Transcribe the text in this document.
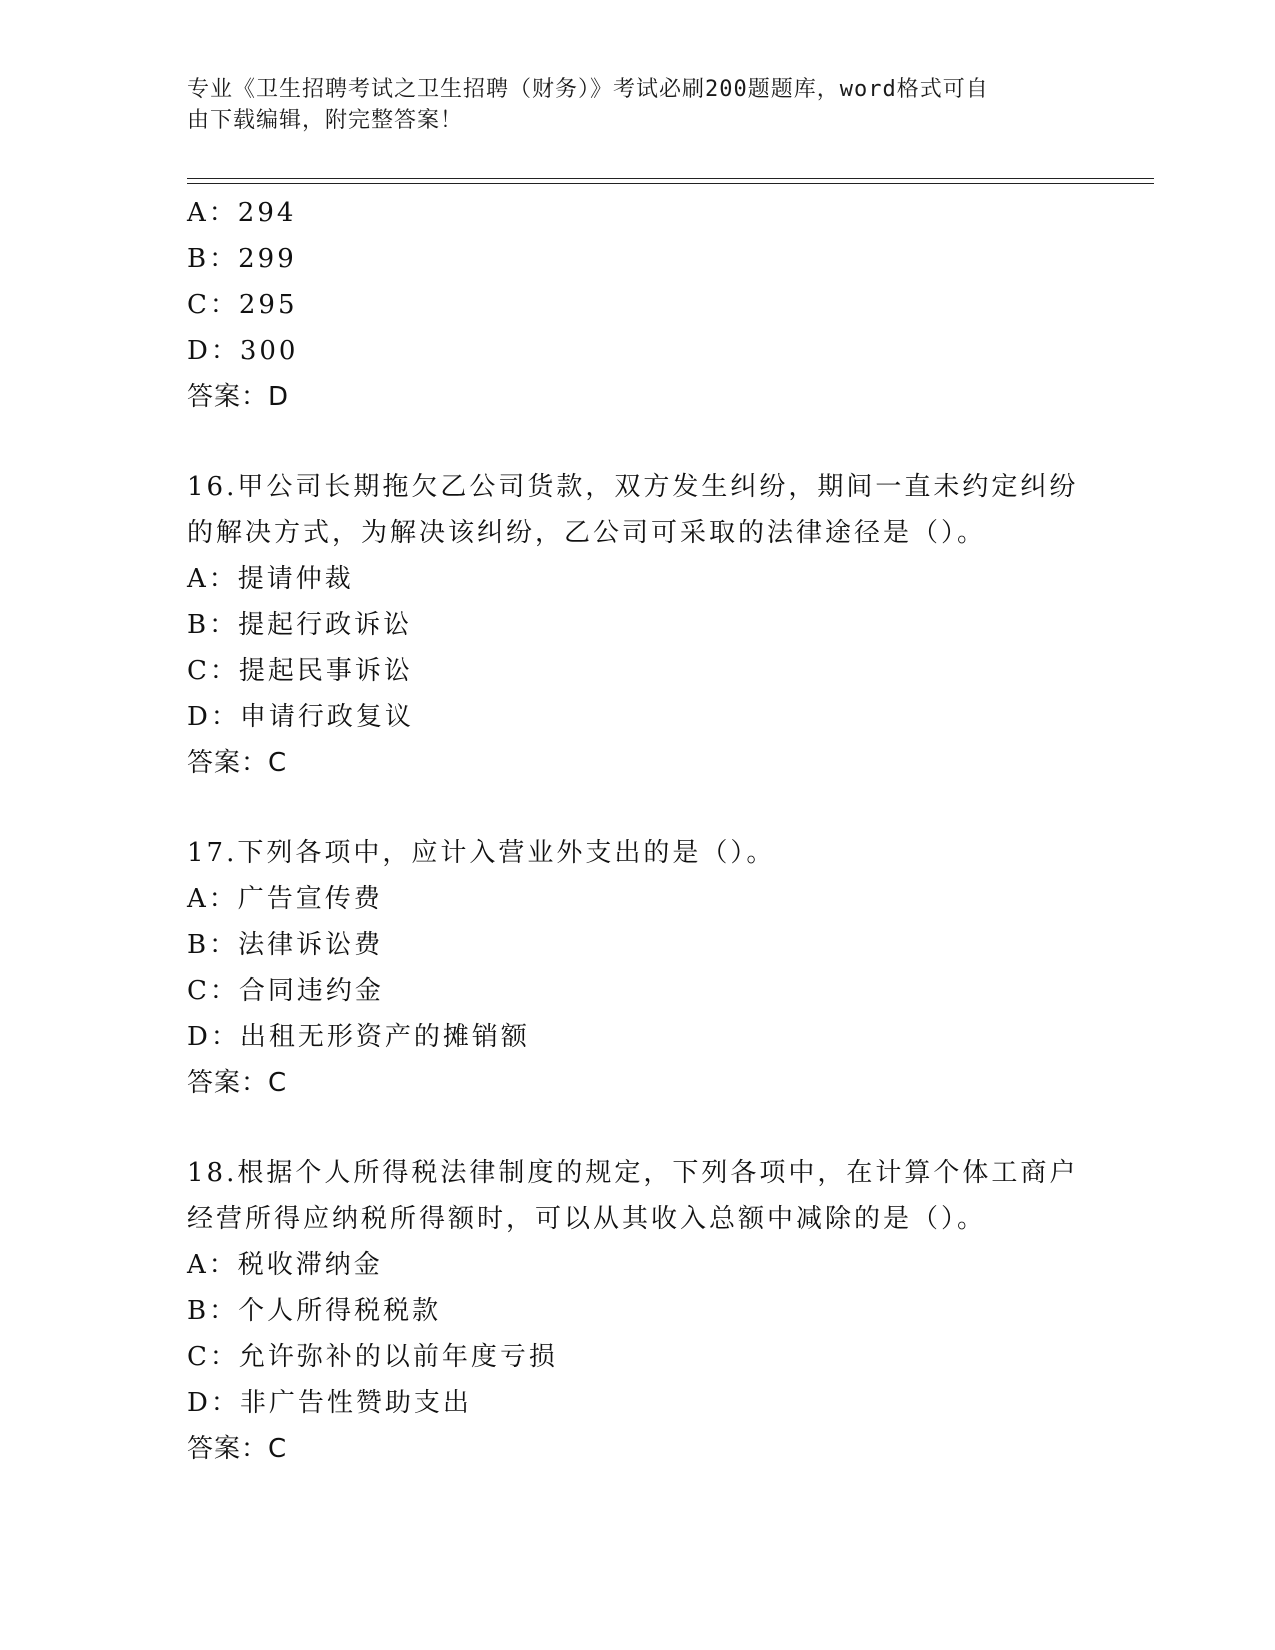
专业《卫生招聘考试之卫生招聘（财务）》考试必刷200题题库，word格式可自
由下载编辑，附完整答案！
A：294
B：299
C：295
D：300
答案：D
16.甲公司长期拖欠乙公司货款，双方发生纠纷，期间一直未约定纠纷
的解决方式，为解决该纠纷，乙公司可采取的法律途径是（）。
A：提请仲裁
B：提起行政诉讼
C：提起民事诉讼
D：申请行政复议
答案：C
17.下列各项中，应计入营业外支出的是（）。
A：广告宣传费
B：法律诉讼费
C：合同违约金
D：出租无形资产的摊销额
答案：C
18.根据个人所得税法律制度的规定，下列各项中，在计算个体工商户
经营所得应纳税所得额时，可以从其收入总额中减除的是（）。
A：税收滞纳金
B：个人所得税税款
C：允许弥补的以前年度亏损
D：非广告性赞助支出
答案：C
